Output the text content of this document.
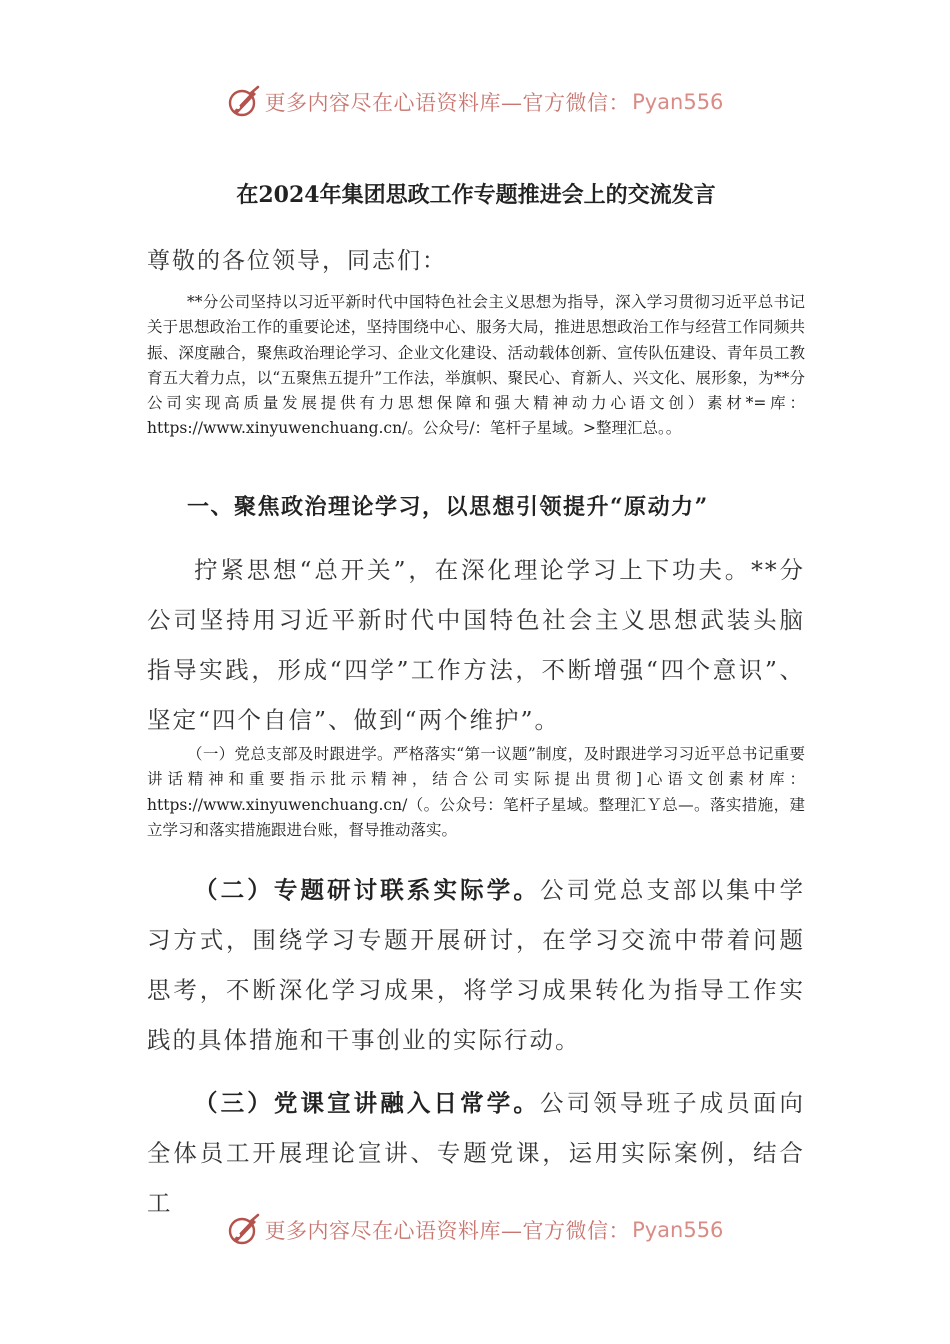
更多内容尽在心语资料库—官方微信： Pyan556
在2024年集团思政工作专题推进会上的交流发言
尊敬的各位领导，同志们：

**分公司坚持以习近平新时代中国特色社会主义思想为指导，深入学习贯彻习近平总书记关于思想政治工作的重要论述，坚持围绕中心、服务大局，推进思想政治工作与经营工作同频共振、深度融合，聚焦政治理论学习、企业文化建设、活动载体创新、宣传队伍建设、青年员工教育五大着力点，以“五聚焦五提升”工作法，举旗帜、聚民心、育新人、兴文化、展形象，为**分公司实现高质量发展提供有力思想保障和强大精神动力心语文创）素材*=库：https://www.xinyuwenchuang.cn/。公众号/：笔杆子星域。>整理汇总。。

一、聚焦政治理论学习，以思想引领提升“原动力”

拧紧思想“总开关”，在深化理论学习上下功夫。**分公司坚持用习近平新时代中国特色社会主义思想武装头脑指导实践，形成“四学”工作方法，不断增强“四个意识”、坚定“四个自信”、做到“两个维护”。

（一）党总支部及时跟进学。严格落实“第一议题”制度，及时跟进学习习近平总书记重要讲话精神和重要指示批示精神，结合公司实际提出贯彻]心语文创素材库：https://www.xinyuwenchuang.cn/（。公众号：笔杆子星域。整理汇Ｙ总—。落实措施，建立学习和落实措施跟进台账，督导推动落实。

（二）专题研讨联系实际学。公司党总支部以集中学习方式，围绕学习专题开展研讨，在学习交流中带着问题思考，不断深化学习成果，将学习成果转化为指导工作实践的具体措施和干事创业的实际行动。

（三）党课宣讲融入日常学。公司领导班子成员面向全体员工开展理论宣讲、专题党课，运用实际案例，结合工

更多内容尽在心语资料库—官方微信： Pyan556
